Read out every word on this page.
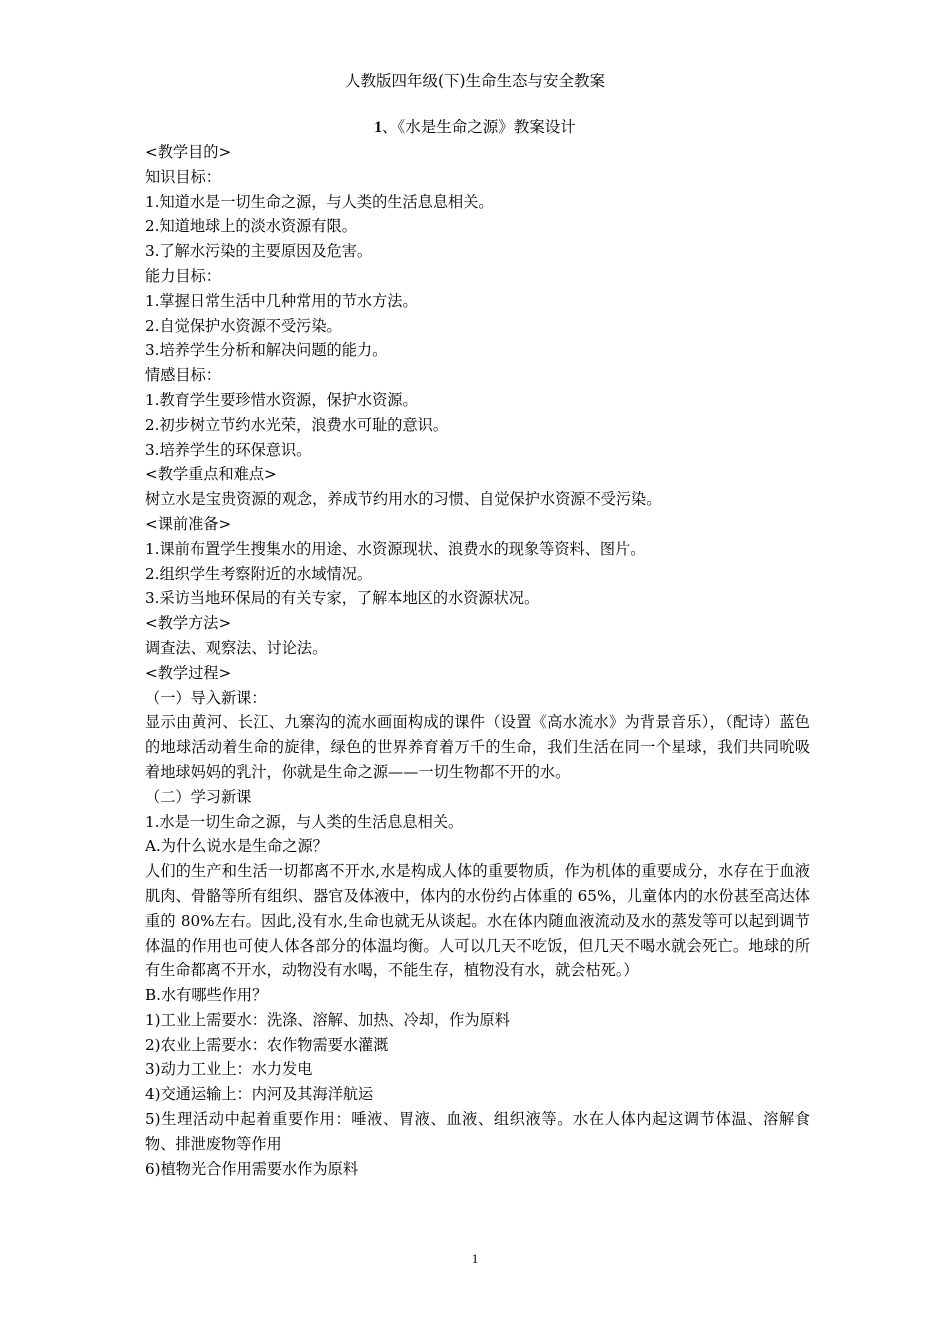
人教版四年级(下)生命生态与安全教案
1、《水是生命之源》教案设计
<教学目的>
知识目标：
1.知道水是一切生命之源，与人类的生活息息相关。
2.知道地球上的淡水资源有限。
3.了解水污染的主要原因及危害。
能力目标：
1.掌握日常生活中几种常用的节水方法。
2.自觉保护水资源不受污染。
3.培养学生分析和解决问题的能力。
情感目标：
1.教育学生要珍惜水资源，保护水资源。
2.初步树立节约水光荣，浪费水可耻的意识。
3.培养学生的环保意识。
<教学重点和难点>
树立水是宝贵资源的观念，养成节约用水的习惯、自觉保护水资源不受污染。
<课前准备>
1.课前布置学生搜集水的用途、水资源现状、浪费水的现象等资料、图片。
2.组织学生考察附近的水域情况。
3.采访当地环保局的有关专家，了解本地区的水资源状况。
<教学方法>
调查法、观察法、讨论法。
<教学过程>
（一）导入新课：
显示由黄河、长江、九寨沟的流水画面构成的课件（设置《高水流水》为背景音乐），（配诗）蓝色的地球活动着生命的旋律，绿色的世界养育着万千的生命，我们生活在同一个星球，我们共同吮吸着地球妈妈的乳汁，你就是生命之源——一切生物都不开的水。
（二）学习新课
1.水是一切生命之源，与人类的生活息息相关。
A.为什么说水是生命之源？
人们的生产和生活一切都离不开水,水是构成人体的重要物质，作为机体的重要成分，水存在于血液肌肉、骨骼等所有组织、器官及体液中，体内的水份约占体重的 65%，儿童体内的水份甚至高达体重的 80%左右。因此,没有水,生命也就无从谈起。水在体内随血液流动及水的蒸发等可以起到调节体温的作用也可使人体各部分的体温均衡。人可以几天不吃饭，但几天不喝水就会死亡。地球的所有生命都离不开水，动物没有水喝，不能生存，植物没有水，就会枯死。）
B.水有哪些作用？
1)工业上需要水：洗涤、溶解、加热、冷却，作为原料
2)农业上需要水：农作物需要水灌溉
3)动力工业上：水力发电
4)交通运输上：内河及其海洋航运
5)生理活动中起着重要作用：唾液、胃液、血液、组织液等。水在人体内起这调节体温、溶解食物、排泄废物等作用
6)植物光合作用需要水作为原料
1
